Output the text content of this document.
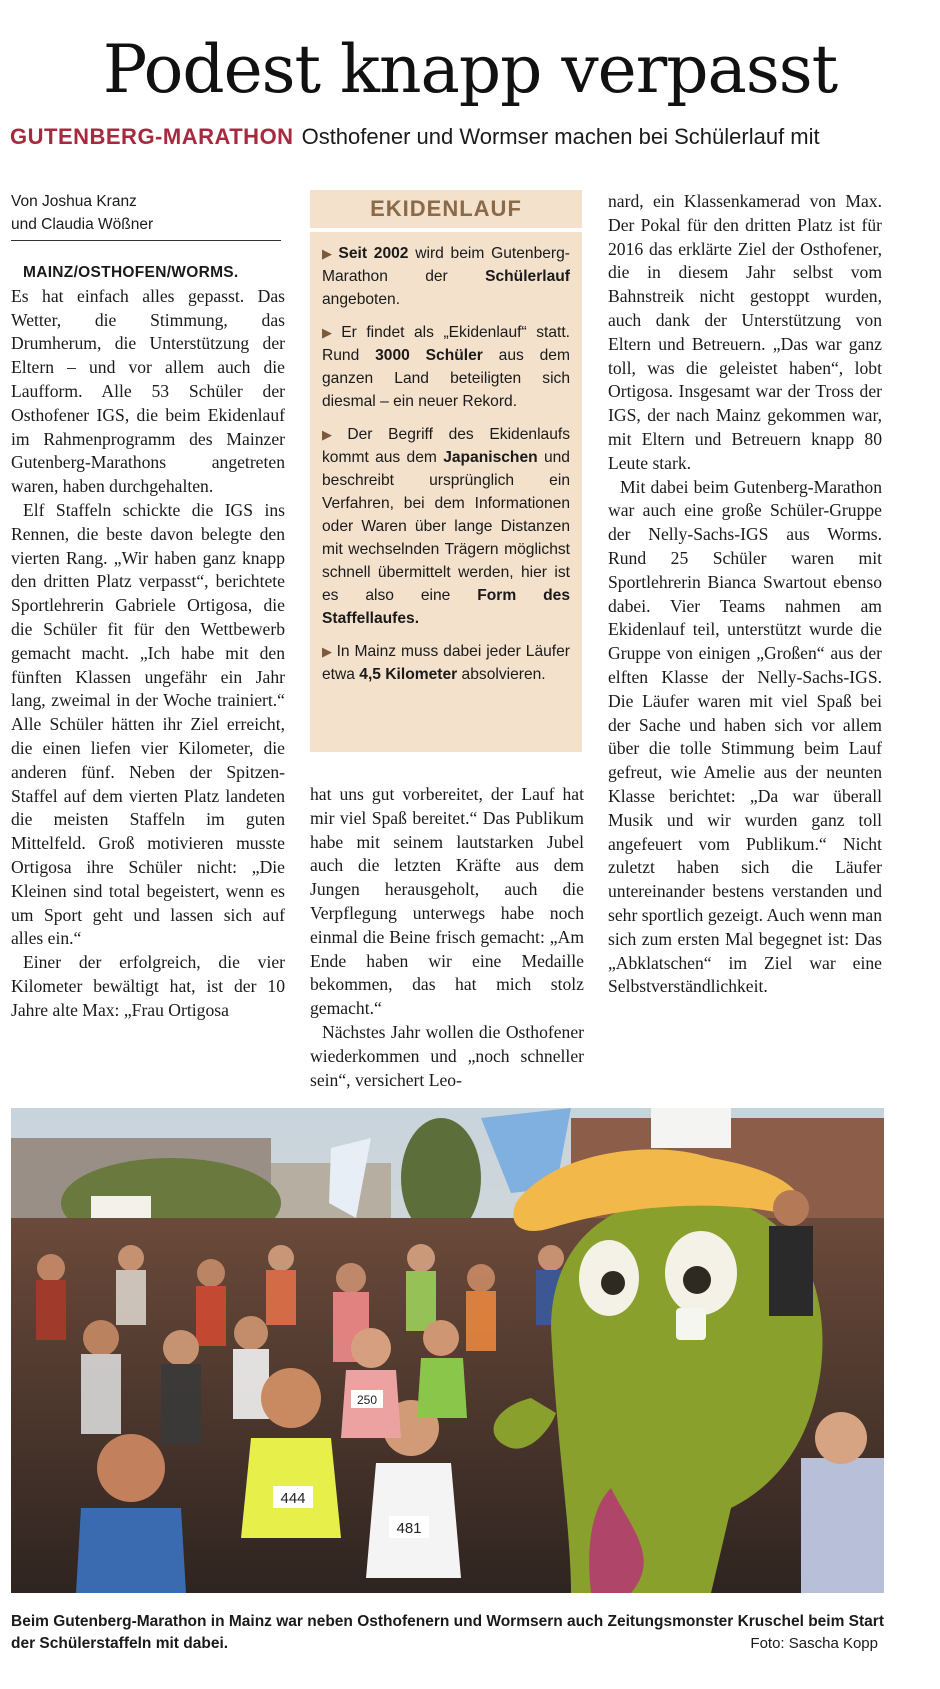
Podest knapp verpasst
GUTENBERG-MARATHON Osthofener und Wormser machen bei Schülerlauf mit
Von Joshua Kranz
und Claudia Wößner
MAINZ/OSTHOFEN/WORMS.

Es hat einfach alles gepasst. Das Wetter, die Stimmung, das Drumherum, die Unterstützung der Eltern – und vor allem auch die Laufform. Alle 53 Schüler der Osthofener IGS, die beim Ekidenlauf im Rahmenprogramm des Mainzer Gutenberg-Marathons angetreten waren, haben durchgehalten.

Elf Staffeln schickte die IGS ins Rennen, die beste davon belegte den vierten Rang. „Wir haben ganz knapp den dritten Platz verpasst“, berichtete Sportlehrerin Gabriele Ortigosa, die die Schüler fit für den Wettbewerb gemacht macht. „Ich habe mit den fünften Klassen ungefähr ein Jahr lang, zweimal in der Woche trainiert.“ Alle Schüler hätten ihr Ziel erreicht, die einen liefen vier Kilometer, die anderen fünf. Neben der Spitzen-Staffel auf dem vierten Platz landeten die meisten Staffeln im guten Mittelfeld. Groß motivieren musste Ortigosa ihre Schüler nicht: „Die Kleinen sind total begeistert, wenn es um Sport geht und lassen sich auf alles ein.“

Einer der erfolgreich, die vier Kilometer bewältigt hat, ist der 10 Jahre alte Max: „Frau Ortigosa

EKIDENLAUF
▶ Seit 2002 wird beim Gutenberg-Marathon der Schülerlauf angeboten.
▶ Er findet als „Ekidenlauf“ statt. Rund 3000 Schüler aus dem ganzen Land beteiligten sich diesmal – ein neuer Rekord.
▶ Der Begriff des Ekidenlaufs kommt aus dem Japanischen und beschreibt ursprünglich ein Verfahren, bei dem Informationen oder Waren über lange Distanzen mit wechselnden Trägern möglichst schnell übermittelt werden, hier ist es also eine Form des Staffellaufes.
▶ In Mainz muss dabei jeder Läufer etwa 4,5 Kilometer absolvieren.

hat uns gut vorbereitet, der Lauf hat mir viel Spaß bereitet.“ Das Publikum habe mit seinem lautstarken Jubel auch die letzten Kräfte aus dem Jungen herausgeholt, auch die Verpflegung unterwegs habe noch einmal die Beine frisch gemacht: „Am Ende haben wir eine Medaille bekommen, das hat mich stolz gemacht.“

Nächstes Jahr wollen die Osthofener wiederkommen und „noch schneller sein“, versichert Leo-

nard, ein Klassenkamerad von Max. Der Pokal für den dritten Platz ist für 2016 das erklärte Ziel der Osthofener, die in diesem Jahr selbst vom Bahnstreik nicht gestoppt wurden, auch dank der Unterstützung von Eltern und Betreuern. „Das war ganz toll, was die geleistet haben“, lobt Ortigosa. Insgesamt war der Tross der IGS, der nach Mainz gekommen war, mit Eltern und Betreuern knapp 80 Leute stark.

Mit dabei beim Gutenberg-Marathon war auch eine große Schüler-Gruppe der Nelly-Sachs-IGS aus Worms. Rund 25 Schüler waren mit Sportlehrerin Bianca Swartout ebenso dabei. Vier Teams nahmen am Ekidenlauf teil, unterstützt wurde die Gruppe von einigen „Großen“ aus der elften Klasse der Nelly-Sachs-IGS. Die Läufer waren mit viel Spaß bei der Sache und haben sich vor allem über die tolle Stimmung beim Lauf gefreut, wie Amelie aus der neunten Klasse berichtet: „Da war überall Musik und wir wurden ganz toll angefeuert vom Publikum.“ Nicht zuletzt haben sich die Läufer untereinander bestens verstanden und sehr sportlich gezeigt. Auch wenn man sich zum ersten Mal begegnet ist: Das „Abklatschen“ im Ziel war eine Selbstverständlichkeit.

250
444
481
Beim Gutenberg-Marathon in Mainz war neben Osthofenern und Wormsern auch Zeitungsmonster Kruschel beim Start der Schülerstaffeln mit dabei.	Foto: Sascha Kopp
